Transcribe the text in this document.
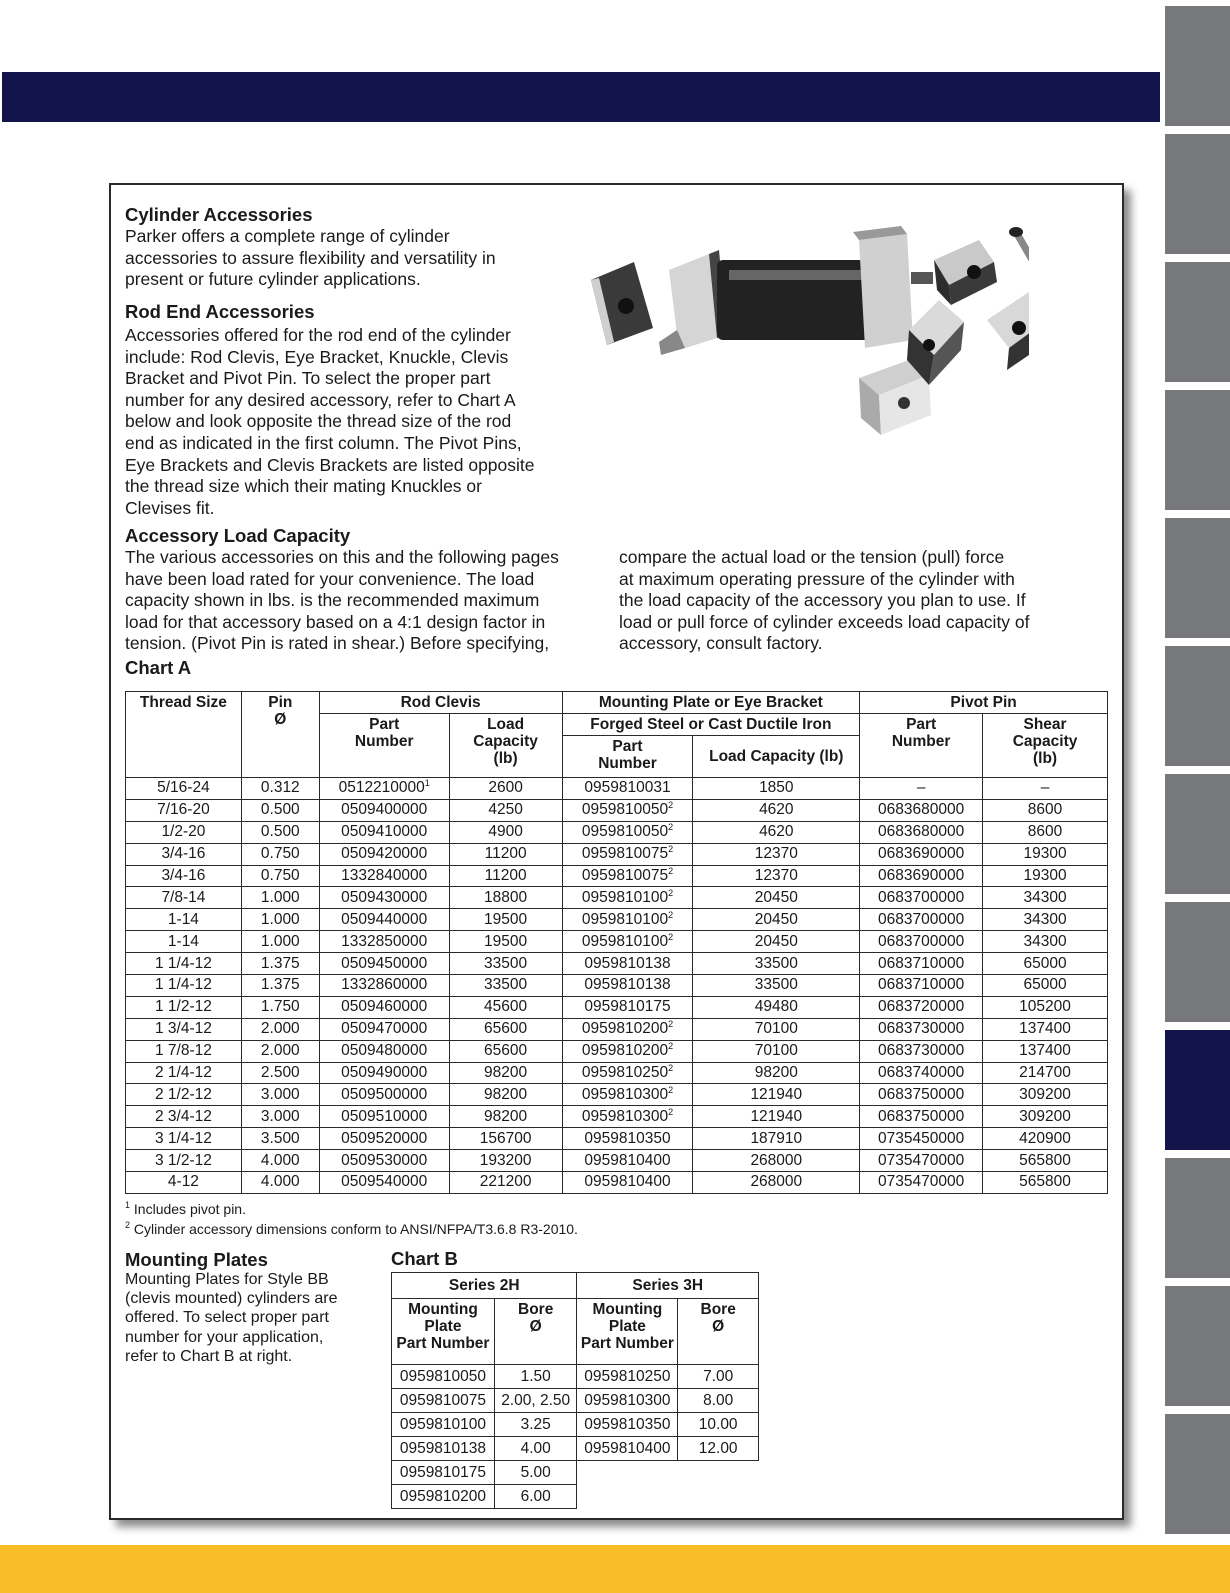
Cylinder Accessories
Parker offers a complete range of cylinder
accessories to assure flexibility and versatility in
present or future cylinder applications.
Rod End Accessories
Accessories offered for the rod end of the cylinder
include: Rod Clevis, Eye Bracket, Knuckle, Clevis
Bracket and Pivot Pin. To select the proper part
number for any desired accessory, refer to Chart A
below and look opposite the thread size of the rod
end as indicated in the first column. The Pivot Pins,
Eye Brackets and Clevis Brackets are listed opposite
the thread size which their mating Knuckles or
Clevises fit.
Accessory Load Capacity
The various accessories on this and the following pages
have been load rated for your convenience. The load
capacity shown in lbs. is the recommended maximum
load for that accessory based on a 4:1 design factor in
tension. (Pivot Pin is rated in shear.) Before specifying,
compare the actual load or the tension (pull) force
at maximum operating pressure of the cylinder with
the load capacity of the accessory you plan to use. If
load or pull force of cylinder exceeds load capacity of
accessory, consult factory.
Chart A
Thread Size	Pin
Ø	Rod Clevis		Mounting Plate or Eye Bracket		Pivot Pin	
		Part
Number	Load
Capacity
(lb)	Forged Steel or Cast Ductile Iron		Part
Number	Shear
Capacity
(lb)
				Part
Number	Load Capacity (lb)		
5/16-24	0.312	0512210000$^1$	2600	0959810031	1850	–	–
7/16-20	0.500	0509400000	4250	0959810050$^2$	4620	0683680000	8600
1/2-20	0.500	0509410000	4900	0959810050$^2$	4620	0683680000	8600
3/4-16	0.750	0509420000	11200	0959810075$^2$	12370	0683690000	19300
3/4-16	0.750	1332840000	11200	0959810075$^2$	12370	0683690000	19300
7/8-14	1.000	0509430000	18800	0959810100$^2$	20450	0683700000	34300
1-14	1.000	0509440000	19500	0959810100$^2$	20450	0683700000	34300
1-14	1.000	1332850000	19500	0959810100$^2$	20450	0683700000	34300
1 1/4-12	1.375	0509450000	33500	0959810138	33500	0683710000	65000
1 1/4-12	1.375	1332860000	33500	0959810138	33500	0683710000	65000
1 1/2-12	1.750	0509460000	45600	0959810175	49480	0683720000	105200
1 3/4-12	2.000	0509470000	65600	0959810200$^2$	70100	0683730000	137400
1 7/8-12	2.000	0509480000	65600	0959810200$^2$	70100	0683730000	137400
2 1/4-12	2.500	0509490000	98200	0959810250$^2$	98200	0683740000	214700
2 1/2-12	3.000	0509500000	98200	0959810300$^2$	121940	0683750000	309200
2 3/4-12	3.000	0509510000	98200	0959810300$^2$	121940	0683750000	309200
3 1/4-12	3.500	0509520000	156700	0959810350	187910	0735450000	420900
3 1/2-12	4.000	0509530000	193200	0959810400	268000	0735470000	565800
4-12	4.000	0509540000	221200	0959810400	268000	0735470000	565800
$^1$ Includes pivot pin.
$^2$ Cylinder accessory dimensions conform to ANSI/NFPA/T3.6.8 R3-2010.
Mounting Plates
Mounting Plates for Style BB
(clevis mounted) cylinders are
offered. To select proper part
number for your application,
refer to Chart B at right.
Chart B
Series 2H		Series 3H	
Mounting
Plate
Part Number	Bore
Ø	Mounting
Plate
Part Number	Bore
Ø
0959810050	1.50	0959810250	7.00
0959810075	2.00, 2.50	0959810300	8.00
0959810100	3.25	0959810350	10.00
0959810138	4.00	0959810400	12.00
0959810175	5.00		
0959810200	6.00		
